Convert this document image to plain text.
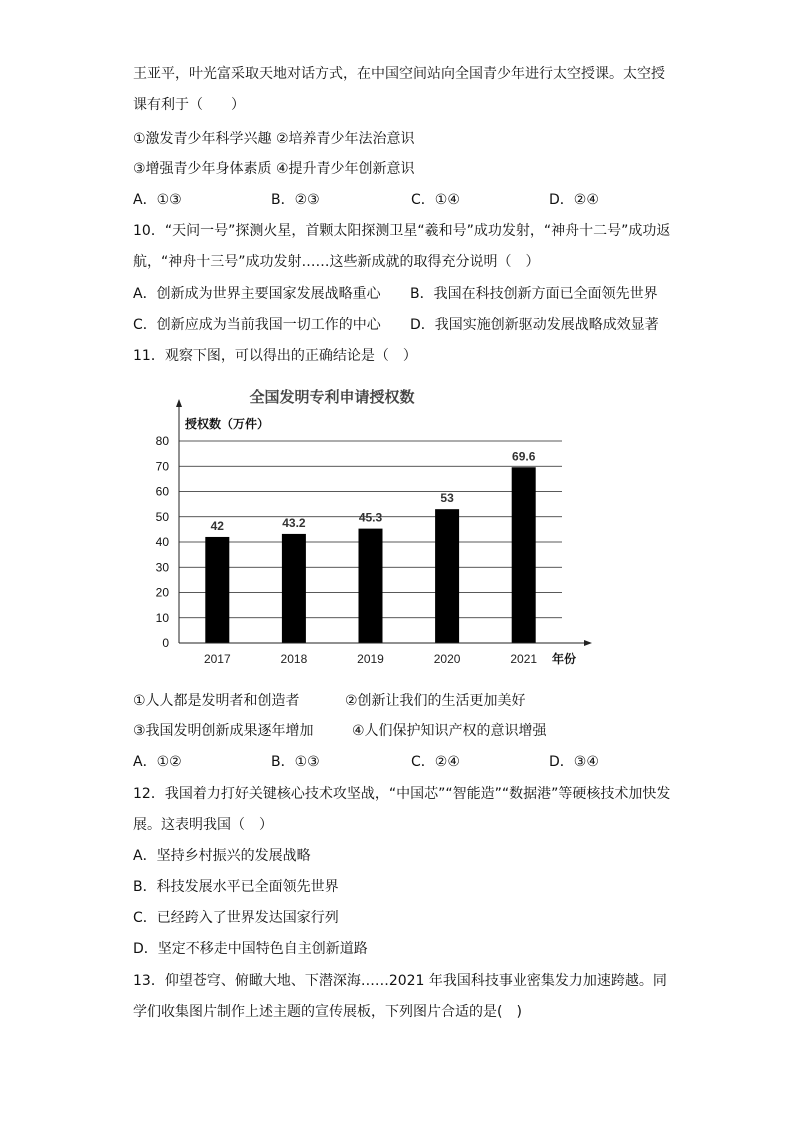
王亚平，叶光富采取天地对话方式，在中国空间站向全国青少年进行太空授课。太空授
课有利于（　　）
①激发青少年科学兴趣 ②培养青少年法治意识
③增强青少年身体素质 ④提升青少年创新意识
A．①③	B．②③	C．①④	D．②④
10．“天问一号”探测火星，首颗太阳探测卫星“羲和号”成功发射，“神舟十二号”成功返
航，“神舟十三号”成功发射……这些新成就的取得充分说明（　）
A．创新成为世界主要国家发展战略重心 B．我国在科技创新方面已全面领先世界
C．创新应成为当前我国一切工作的中心 D．我国实施创新驱动发展战略成效显著
11．观察下图，可以得出的正确结论是（　）
全国发明专利申请授权数
授权数（万件）
0
10
20
30
40
50
60
70
80
42
2017
43.2
2018
45.3
2019
53
2020
69.6
2021 年份
①人人都是发明者和创造者	②创新让我们的生活更加美好
③我国发明创新成果逐年增加	④人们保护知识产权的意识增强
A．①②	B．①③	C．②④	D．③④
12．我国着力打好关键核心技术攻坚战，“中国芯”“智能造”“数据港”等硬核技术加快发
展。这表明我国（　）
A．坚持乡村振兴的发展战略
B．科技发展水平已全面领先世界
C．已经跨入了世界发达国家行列
D．坚定不移走中国特色自主创新道路
13．仰望苍穹、俯瞰大地、下潜深海……2021 年我国科技事业密集发力加速跨越。同
学们收集图片制作上述主题的宣传展板，下列图片合适的是(　)
